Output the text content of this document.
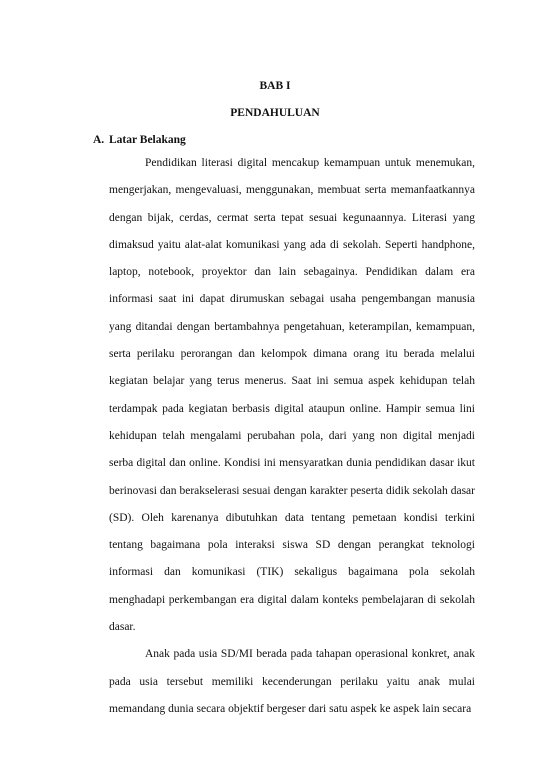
BAB I
PENDAHULUAN
A. Latar Belakang

Pendidikan literasi digital mencakup kemampuan untuk menemukan, mengerjakan, mengevaluasi, menggunakan, membuat serta memanfaatkannya dengan bijak, cerdas, cermat serta tepat sesuai kegunaannya. Literasi yang dimaksud yaitu alat-alat komunikasi yang ada di sekolah. Seperti handphone, laptop, notebook, proyektor dan lain sebagainya. Pendidikan dalam era informasi saat ini dapat dirumuskan sebagai usaha pengembangan manusia yang ditandai dengan bertambahnya pengetahuan, keterampilan, kemampuan, serta perilaku perorangan dan kelompok dimana orang itu berada melalui kegiatan belajar yang terus menerus. Saat ini semua aspek kehidupan telah terdampak pada kegiatan berbasis digital ataupun online. Hampir semua lini kehidupan telah mengalami perubahan pola, dari yang non digital menjadi serba digital dan online. Kondisi ini mensyaratkan dunia pendidikan dasar ikut berinovasi dan berakselerasi sesuai dengan karakter peserta didik sekolah dasar (SD). Oleh karenanya dibutuhkan data tentang pemetaan kondisi terkini tentang bagaimana pola interaksi siswa SD dengan perangkat teknologi informasi dan komunikasi (TIK) sekaligus bagaimana pola sekolah menghadapi perkembangan era digital dalam konteks pembelajaran di sekolah dasar.

Anak pada usia SD/MI berada pada tahapan operasional konkret, anak pada usia tersebut memiliki kecenderungan perilaku yaitu anak mulai memandang dunia secara objektif bergeser dari satu aspek ke aspek lain secara
